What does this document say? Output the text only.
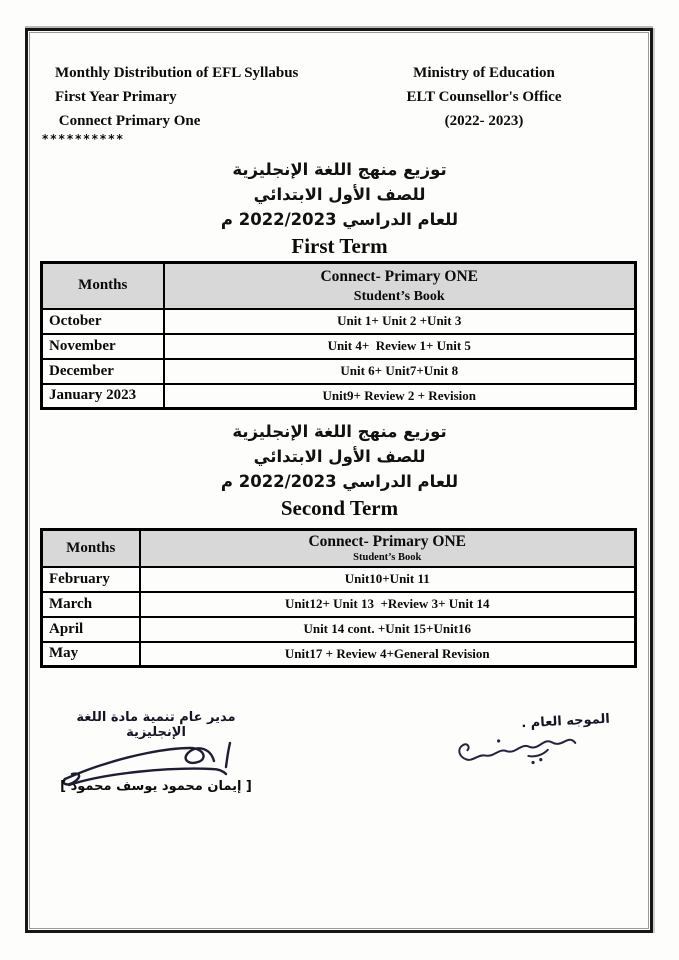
Monthly Distribution of EFL Syllabus
First Year Primary
Connect Primary One
**********
Ministry of Education
ELT Counsellor's Office
(2022- 2023)
توزيع منهج اللغة الإنجليزية
للصف الأول الابتدائي
للعام الدراسي 2022/2023 م
First Term
Months	Connect- Primary ONE
Student’s Book

October	Unit 1+ Unit 2 +Unit 3
November	Unit 4+  Review 1+ Unit 5
December	Unit 6+ Unit7+Unit 8
January 2023	Unit9+ Review 2 + Revision
توزيع منهج اللغة الإنجليزية
للصف الأول الابتدائي
للعام الدراسي 2022/2023 م
Second Term
Months	Connect- Primary ONE
Student’s Book

February	Unit10+Unit 11
March	Unit12+ Unit 13  +Review 3+ Unit 14
April	Unit 14 cont. +Unit 15+Unit16
May	Unit17 + Review 4+General Revision
الموجه العام .
مدير عام تنمية مادة اللغة الإنجليزية
[ إيمان محمود يوسف محمود ]
